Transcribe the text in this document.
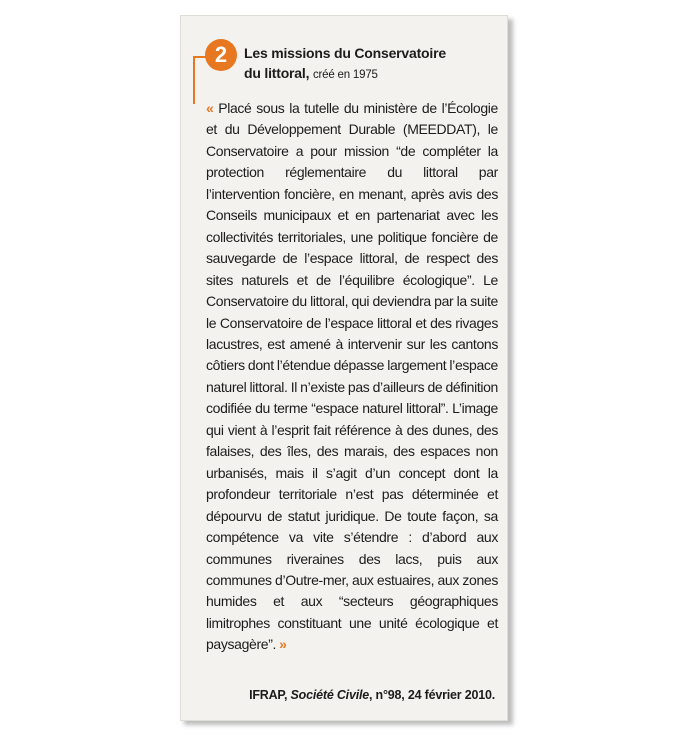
2	Les missions du Conservatoire
du littoral, créé en 1975
« Placé sous la tutelle du ministère de l’Écologie et du Développement Durable (MEEDDAT), le Conservatoire a pour mission “de compléter la protection réglementaire du littoral par l’intervention foncière, en menant, après avis des Conseils municipaux et en partenariat avec les collectivités territoriales, une politique foncière de sauvegarde de l’espace littoral, de respect des sites naturels et de l’équilibre écologique”. Le Conservatoire du littoral, qui deviendra par la suite le Conservatoire de l’espace littoral et des rivages lacustres, est amené à intervenir sur les cantons côtiers dont l’étendue dépasse largement l’espace naturel littoral. Il n’existe pas d’ailleurs de définition codifiée du terme “espace naturel littoral”. L’image qui vient à l’esprit fait référence à des dunes, des falaises, des îles, des marais, des espaces non urbanisés, mais il s’agit d’un concept dont la profondeur territoriale n’est pas déterminée et dépourvu de statut juridique. De toute façon, sa compétence va vite s’étendre : d’abord aux communes riveraines des lacs, puis aux communes d’Outre-mer, aux estuaires, aux zones humides et aux “secteurs géographiques limitrophes constituant une unité écologique et paysagère”. »
IFRAP, Société Civile, n°98, 24 février 2010.
